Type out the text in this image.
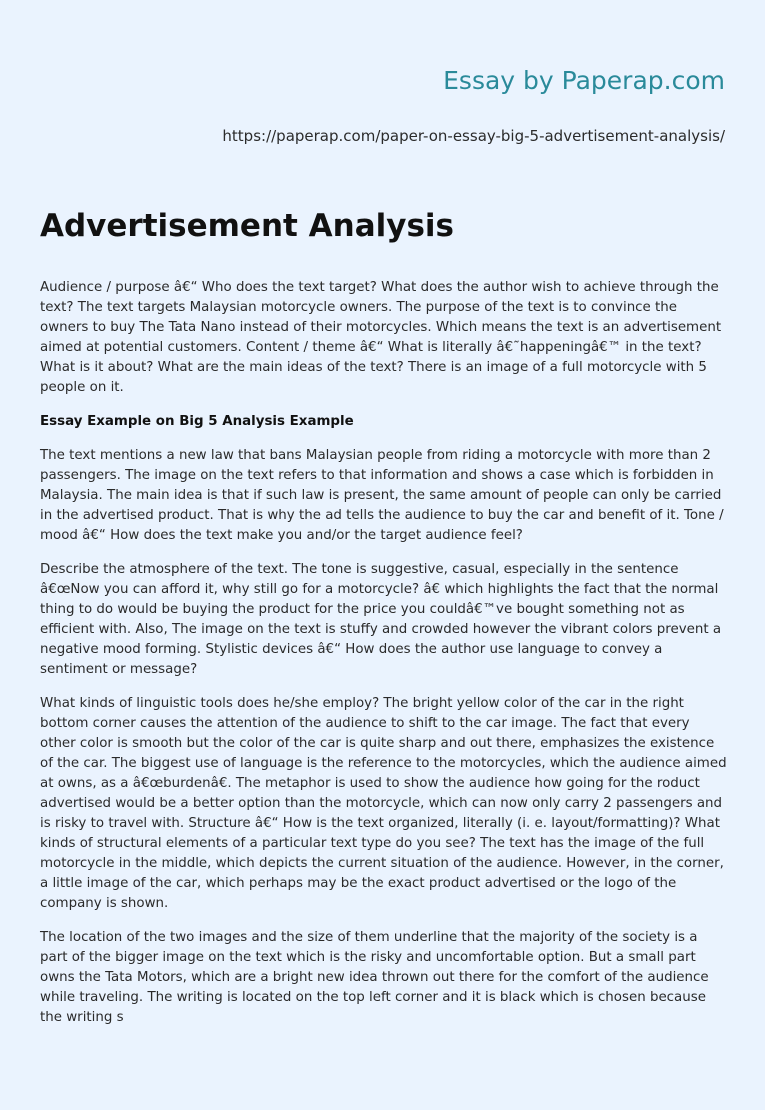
Essay by Paperap.com
https://paperap.com/paper-on-essay-big-5-advertisement-analysis/
Advertisement Analysis

Audience / purpose â€“ Who does the text target? What does the author wish to achieve through the text? The text targets Malaysian motorcycle owners. The purpose of the text is to convince the owners to buy The Tata Nano instead of their motorcycles. Which means the text is an advertisement aimed at potential customers. Content / theme â€“ What is literally â€˜happeningâ€™ in the text? What is it about? What are the main ideas of the text? There is an image of a full motorcycle with 5 people on it.

Essay Example on Big 5 Analysis Example

The text mentions a new law that bans Malaysian people from riding a motorcycle with more than 2 passengers. The image on the text refers to that information and shows a case which is forbidden in Malaysia. The main idea is that if such law is present, the same amount of people can only be carried in the advertised product. That is why the ad tells the audience to buy the car and benefit of it. Tone / mood â€“ How does the text make you and/or the target audience feel?

Describe the atmosphere of the text. The tone is suggestive, casual, especially in the sentence â€œNow you can afford it, why still go for a motorcycle? â€ which highlights the fact that the normal thing to do would be buying the product for the price you couldâ€™ve bought something not as efficient with. Also, The image on the text is stuffy and crowded however the vibrant colors prevent a negative mood forming. Stylistic devices â€“ How does the author use language to convey a sentiment or message?

What kinds of linguistic tools does he/she employ? The bright yellow color of the car in the right bottom corner causes the attention of the audience to shift to the car image. The fact that every other color is smooth but the color of the car is quite sharp and out there, emphasizes the existence of the car. The biggest use of language is the reference to the motorcycles, which the audience aimed at owns, as a â€œburdenâ€. The metaphor is used to show the audience how going for the roduct advertised would be a better option than the motorcycle, which can now only carry 2 passengers and is risky to travel with. Structure â€“ How is the text organized, literally (i. e. layout/formatting)? What kinds of structural elements of a particular text type do you see? The text has the image of the full motorcycle in the middle, which depicts the current situation of the audience. However, in the corner, a little image of the car, which perhaps may be the exact product advertised or the logo of the company is shown.

The location of the two images and the size of them underline that the majority of the society is a part of the bigger image on the text which is the risky and uncomfortable option. But a small part owns the Tata Motors, which are a bright new idea thrown out there for the comfort of the audience while traveling. The writing is located on the top left corner and it is black which is chosen because the writing s
